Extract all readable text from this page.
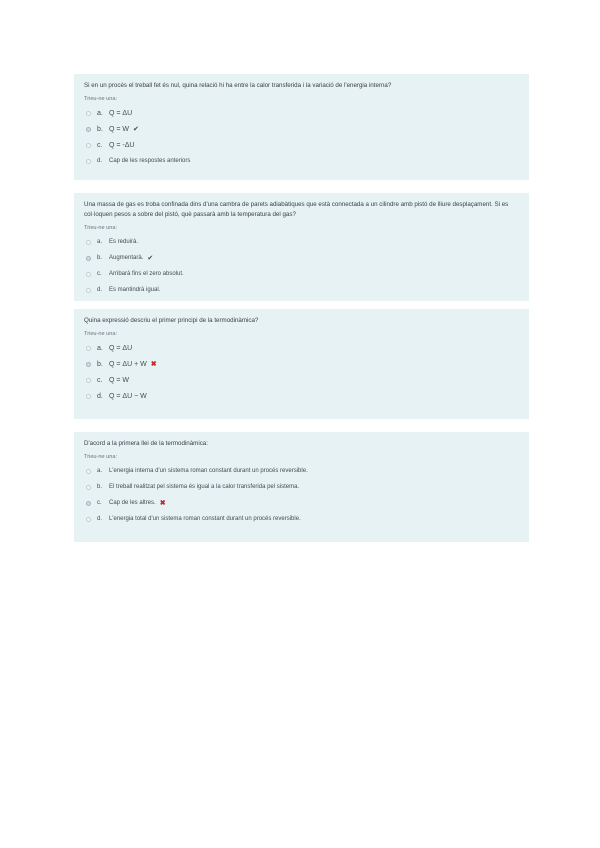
Si en un procés el treball fet és nul, quina relació hi ha entre la calor transferida i la variació de l'energia interna?
Trieu-ne una:
a. Q = ΔU
b. Q = W ✔
c. Q = -ΔU
d.	Cap de les respostes anteriors
Una massa de gas es troba confinada dins d'una cambra de parets adiabàtiques que està connectada a un cilindre amb pistó de lliure desplaçament. Si es col·loquen pesos a sobre del pistó, què passarà amb la temperatura del gas?
Trieu-ne una:
a.	Es reduirà.
b.	Augmentarà. ✔
c.	Arribarà fins el zero absolut.
d.	Es mantindrà igual.
Quina expressió descriu el primer principi de la termodinàmica?
Trieu-ne una:
a. Q = ΔU
b. Q = ΔU + W ✖
c. Q = W
d. Q = ΔU − W
D'acord a la primera llei de la termodinàmica:
Trieu-ne una:
a.	L'energia interna d'un sistema roman constant durant un procés reversible.
b.	El treball realitzat pel sistema és igual a la calor transferida pel sistema.
c.	Cap de les altres. ✖
d.	L'energia total d'un sistema roman constant durant un procés reversible.
